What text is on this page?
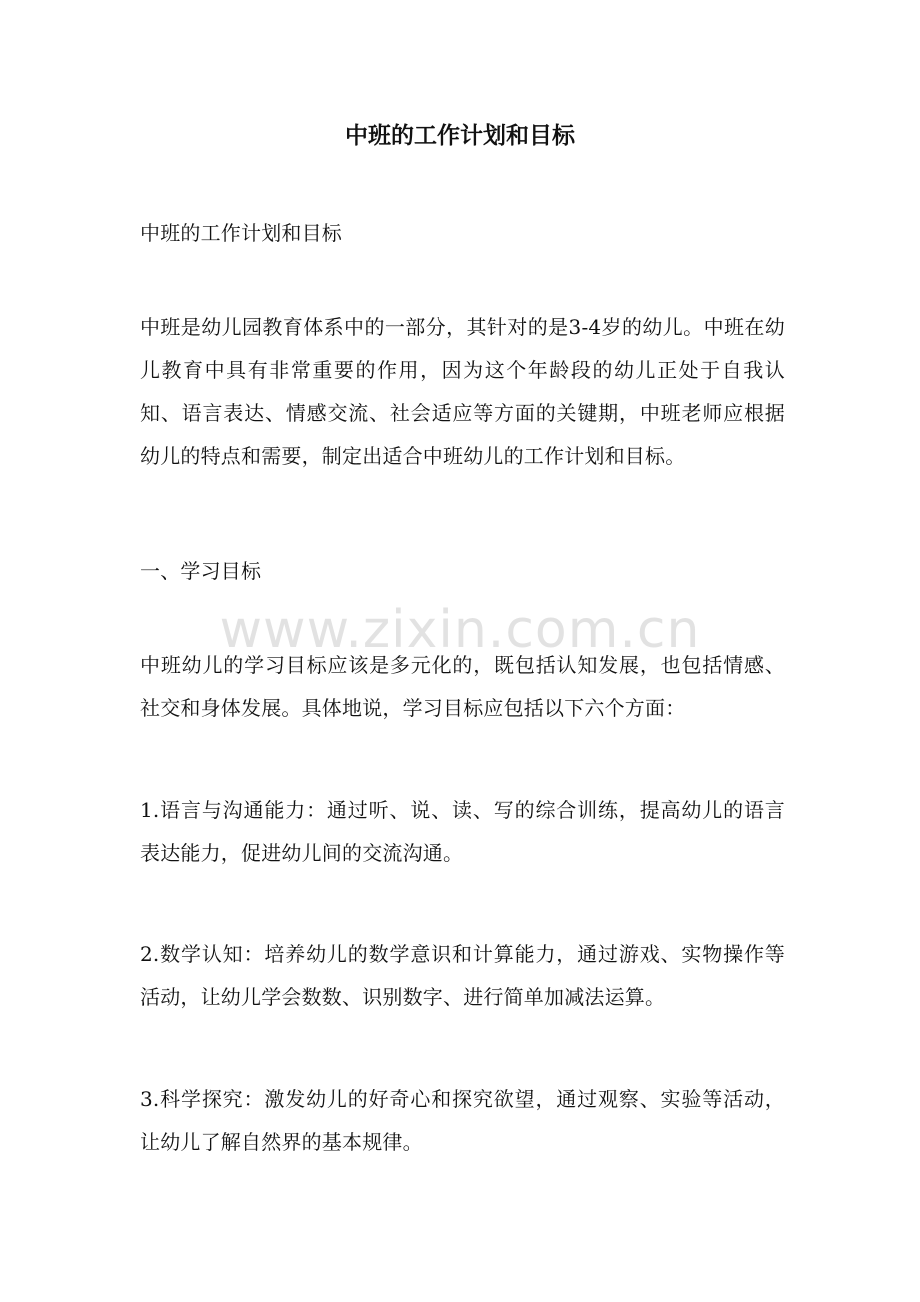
中班的工作计划和目标
中班的工作计划和目标
中班是幼儿园教育体系中的一部分，其针对的是3-4岁的幼儿。中班在幼儿教育中具有非常重要的作用，因为这个年龄段的幼儿正处于自我认知、语言表达、情感交流、社会适应等方面的关键期，中班老师应根据幼儿的特点和需要，制定出适合中班幼儿的工作计划和目标。
一、学习目标
中班幼儿的学习目标应该是多元化的，既包括认知发展，也包括情感、社交和身体发展。具体地说，学习目标应包括以下六个方面：
1.语言与沟通能力：通过听、说、读、写的综合训练，提高幼儿的语言表达能力，促进幼儿间的交流沟通。
2.数学认知：培养幼儿的数学意识和计算能力，通过游戏、实物操作等活动，让幼儿学会数数、识别数字、进行简单加减法运算。
3.科学探究：激发幼儿的好奇心和探究欲望，通过观察、实验等活动，让幼儿了解自然界的基本规律。
www.zixin.com.cn
